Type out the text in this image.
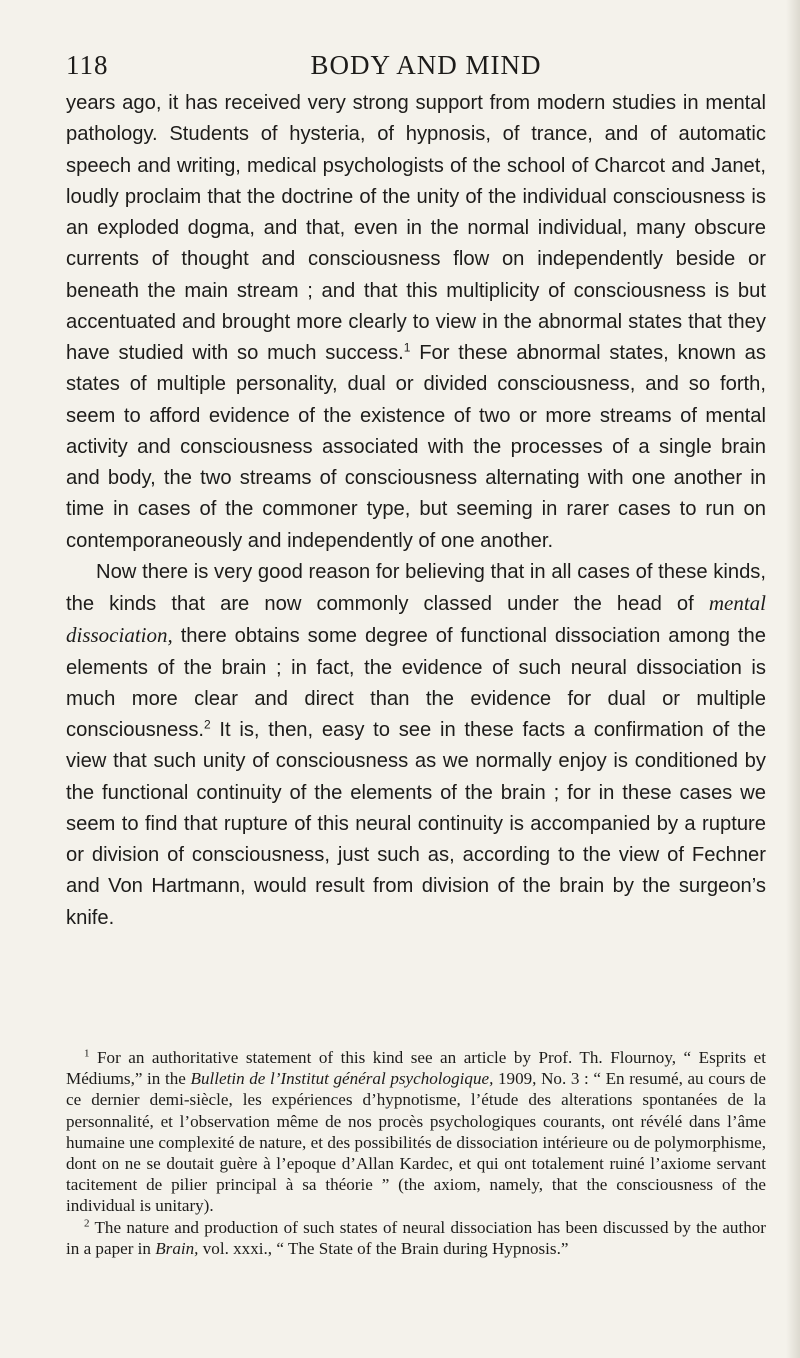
118	BODY AND MIND

years ago, it has received very strong support from modern studies in mental pathology. Students of hysteria, of hypnosis, of trance, and of automatic speech and writing, medical psychologists of the school of Charcot and Janet, loudly proclaim that the doctrine of the unity of the individual consciousness is an exploded dogma, and that, even in the normal individual, many obscure currents of thought and consciousness flow on independently beside or beneath the main stream ; and that this multiplicity of consciousness is but accentuated and brought more clearly to view in the abnormal states that they have studied with so much success.$^1$ For these abnormal states, known as states of multiple personality, dual or divided consciousness, and so forth, seem to afford evidence of the existence of two or more streams of mental activity and consciousness associated with the processes of a single brain and body, the two streams of consciousness alternating with one another in time in cases of the commoner type, but seeming in rarer cases to run on contemporaneously and independently of one another.

Now there is very good reason for believing that in all cases of these kinds, the kinds that are now commonly classed under the head of mental dissociation, there obtains some degree of functional dissociation among the elements of the brain ; in fact, the evidence of such neural dissociation is much more clear and direct than the evidence for dual or multiple consciousness.$^2$ It is, then, easy to see in these facts a confirmation of the view that such unity of consciousness as we normally enjoy is conditioned by the functional continuity of the elements of the brain ; for in these cases we seem to find that rupture of this neural continuity is accompanied by a rupture or division of consciousness, just such as, according to the view of Fechner and Von Hartmann, would result from division of the brain by the surgeon’s knife.

$^1$ For an authoritative statement of this kind see an article by Prof. Th. Flournoy, “ Esprits et Médiums,” in the Bulletin de l’Institut général psychologique, 1909, No. 3 : “ En resumé, au cours de ce dernier demi-siècle, les expériences d’hypnotisme, l’étude des alterations spontanées de la personnalité, et l’observation même de nos procès psychologiques courants, ont révélé dans l’âme humaine une complexité de nature, et des possibilités de dissociation intérieure ou de polymorphisme, dont on ne se doutait guère à l’epoque d’Allan Kardec, et qui ont totalement ruiné l’axiome servant tacitement de pilier principal à sa théorie ” (the axiom, namely, that the consciousness of the individual is unitary).

$^2$ The nature and production of such states of neural dissociation has been discussed by the author in a paper in Brain, vol. xxxi., “ The State of the Brain during Hypnosis.”
